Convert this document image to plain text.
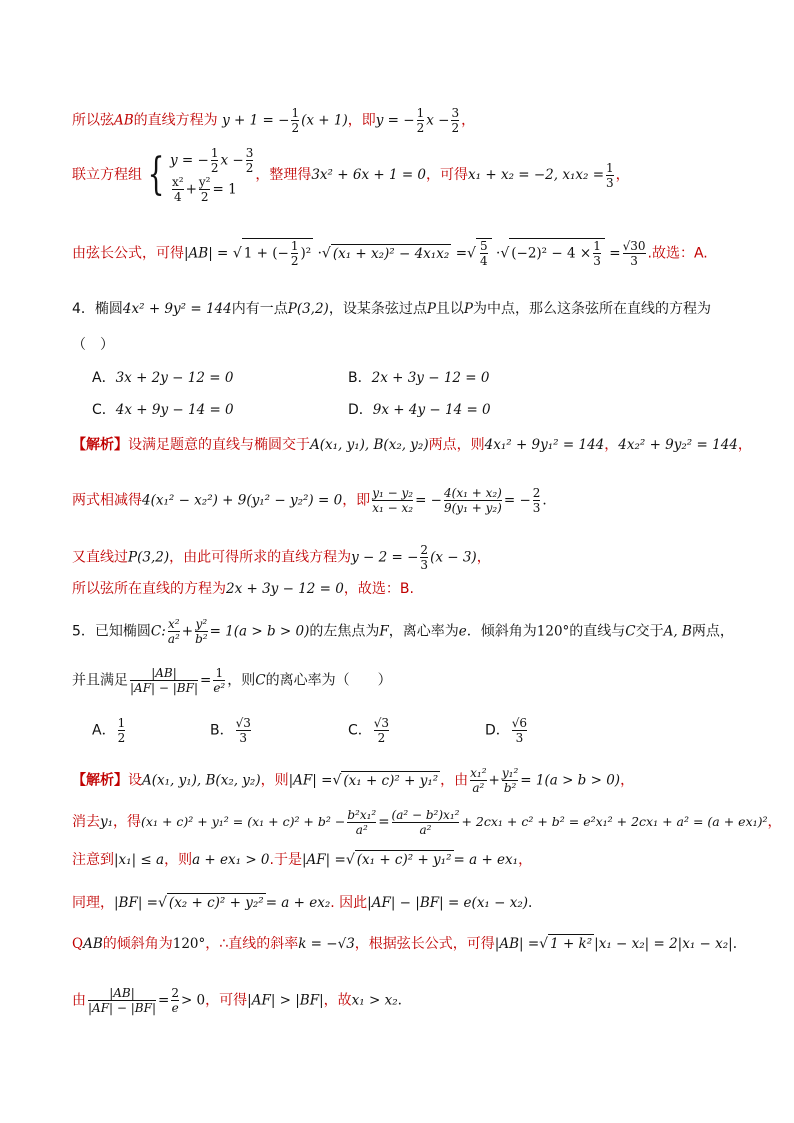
所以弦AB的直线方程为 y + 1 = − $\frac{1}{2} (x + 1)$，即y = − $\frac{1}{2}$ $x - \frac{3}{2}$ ，
联立方程组 { y = − $\frac{1}{2}$ $x - \frac{3}{2}$
$\frac{\text{x²}}{4} + \frac{\text{y²}}{2} = 1$
，整理得3x² + 6x + 1 = 0，可得x₁ + x₂ = −2, $x_1x_2 = \frac{1}{3}$ ，
由弦长公式，可得|AB| = √ 1 + (− $\frac{1}{2} )^2$ ·√ (x₁ + x₂)² − 4x₁x₂ =√ $\frac{5}{4}$ ·√ $(-2)^2 - 4 \times \frac{1}{3} = \frac{√30}{3}$ .故选：A.
4．椭圆4x² + 9y² = 144内有一点P(3,2)，设某条弦过点P且以P为中点，那么这条弦所在直线的方程为
（　）
A．3x + 2y − 12 = 0	B．2x + 3y − 12 = 0
C．4x + 9y − 14 = 0	D．9x + 4y − 14 = 0
【解析】设满足题意的直线与椭圆交于A(x₁, y₁), B(x₂, y₂)两点，则4x₁² + 9y₁² = 144，4x₂² + 9y₂² = 144，
两式相减得4(x₁² − x₂²) + 9(y₁² − y₂²) = 0，即 $\frac{\text{y₁ − y₂}}{\text{x₁ − x₂}}$ = − $\frac{\text{4(x₁ + x₂)}}{\text{9(y₁ + y₂)}}$ = − $\frac{2}{3}$ .
又直线过P(3,2)，由此可得所求的直线方程为y − 2 = − $\frac{2}{3} (x - 3)$，
所以弦所在直线的方程为2x + 3y − 12 = 0，故选：B.
5．已知椭圆C: $\frac{\text{x²}}{\text{a²}} + \frac{\text{y²}}{\text{b²}} = 1(a > b > 0)$的左焦点为F，离心率为e．倾斜角为120°的直线与C交于A, B两点，
并且满足 $\frac{|AB|}{|AF| - |BF|} = \frac{1}{\text{e²}}$ ，则C的离心率为（　　）
A． $\frac{1}{2}$	B． $\frac{√3}{3}$	C． $\frac{√3}{2}$	D． $\frac{√6}{3}$
【解析】设A(x₁, y₁), B(x₂, y₂)，则|AF| =√ (x₁ + c)² + y₁² ，由 $\frac{\text{x₁²}}{\text{a²}} + \frac{\text{y₁²}}{\text{b²}} = 1(a > b > 0)$，
消去y₁，得$(x_1 + c)^2 + y_1^2 = (x_1 + c)^2 + b^2 - \frac{\text{b²x₁²}}{\text{a²}} = \frac{\text{(a² − b²)x₁²}}{\text{a²}} + 2cx_1 + c^2 + b^2 = e^2x_1^2 + 2cx_1 + a^2 = (a + ex_1)^2$，
注意到|x₁| ≤ a，则a + ex₁ > 0.于是|AF| =√ (x₁ + c)² + y₁² = a + ex₁，
同理，|BF| =√ (x₂ + c)² + y₂² = a + ex₂. 因此|AF| − |BF| = e(x₁ − x₂).
QAB的倾斜角为120°，∴直线的斜率k = −√3，根据弦长公式，可得|AB| =√ 1 + k² |x₁ − x₂| = 2|x₁ − x₂|.
由 $\frac{|AB|}{|AF| - |BF|} = \frac{2}{e} > 0$，可得|AF| > |BF|，故x₁ > x₂.
